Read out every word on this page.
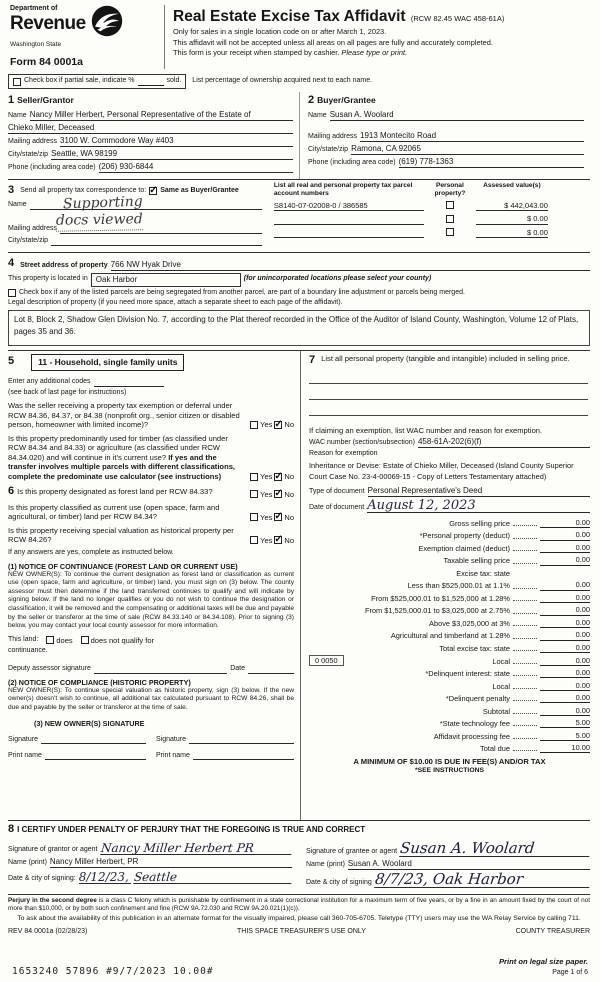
Department of
Revenue
Washington State
Form 84 0001a
Real Estate Excise Tax Affidavit (RCW 82.45 WAC 458-61A)
Only for sales in a single location code on or after March 1, 2023.
This affidavit will not be accepted unless all areas on all pages are fully and accurately completed.
This form is your receipt when stamped by cashier. Please type or print.
Check box if partial sale, indicate %	sold. List percentage of ownership acquired next to each name.
1 Seller/Grantor
Name Nancy Miller Herbert, Personal Representative of the Estate of
Chieko Miller, Deceased
Mailing address 3100 W. Commodore Way #403
City/state/zip Seattle, WA 98199
Phone (including area code) (206) 930-6844
2 Buyer/Grantee
Name Susan A. Woolard
Mailing address 1913 Montecito Road
City/state/zip Ramona, CA 92065
Phone (including area code) (619) 778-1363
3 Send all property tax correspondence to: ✓ Same as Buyer/Grantee
Name
Mailing address
City/state/zip
Supporting
docs viewed
List all real and personal property tax parcel account numbers
Personal property?
Assessed value(s)
S8140-07-02008-0 / 386585	$ 442,043.00
$ 0.00
$ 0.00
4 Street address of property 766 NW Hyak Drive
This property is located in	Oak Harbor	(for unincorporated locations please select your county)
Check box if any of the listed parcels are being segregated from another parcel, are part of a boundary line adjustment or parcels being merged.
Legal description of property (if you need more space, attach a separate sheet to each page of the affidavit).
Lot 8, Block 2, Shadow Glen Division No. 7, according to the Plat thereof recorded in the Office of the Auditor of Island County, Washington, Volume 12 of Plats, pages 35 and 36.
5	11 - Household, single family units
Enter any additional codes
(see back of last page for instructions)
Was the seller receiving a property tax exemption or deferral under RCW 84.36, 84.37, or 84.38 (nonprofit org., senior citizen or disabled person, homeowner with limited income)?	Yes ✓ No
Is this property predominantly used for timber (as classified under RCW 84.34 and 84.33) or agriculture (as classified under RCW 84.34.020) and will continue in it's current use? If yes and the transfer involves multiple parcels with different classifications, complete the predominate use calculator (see instructions)	Yes ✓ No
6 Is this property designated as forest land per RCW 84.33?	Yes ✓ No
Is this property classified as current use (open space, farm and agricultural, or timber) land per RCW 84.34?	Yes ✓ No
Is this property receiving special valuation as historical property per RCW 84.26?	Yes ✓ No
If any answers are yes, complete as instructed below.
(1) NOTICE OF CONTINUANCE (FOREST LAND OR CURRENT USE)
NEW OWNER(S): To continue the current designation as forest land or classification as current use (open space, farm and agriculture, or timber) land, you must sign on (3) below. The county assessor must then determine if the land transferred continues to qualify and will indicate by signing below. If the land no longer qualifies or you do not wish to continue the designation or classification, it will be removed and the compensating or additional taxes will be due and payable by the seller or transferor at the time of sale (RCW 84.33.140 or 84.34.108). Prior to signing (3) below, you may contact your local county assessor for more information.
This land: does does not qualify for
continuance.
Deputy assessor signature	Date
(2) NOTICE OF COMPLIANCE (HISTORIC PROPERTY)
NEW OWNER(S): To continue special valuation as historic property, sign (3) below. If the new owner(s) doesn't wish to continue, all additional tax calculated pursuant to RCW 84.26, shall be due and payable by the seller or transferor at the time of sale.
(3) NEW OWNER(S) SIGNATURE
Signature	Signature
Print name	Print name
7 List all personal property (tangible and intangible) included in selling price.
If claiming an exemption, list WAC number and reason for exemption.
WAC number (section/subsection) 458-61A-202(6)(f)
Reason for exemption
Inheritance or Devise: Estate of Chieko Miller, Deceased (Island County Superior Court Case No. 23-4-00069-15 - Copy of Letters Testamentary attached)
Type of document Personal Representative's Deed
Date of document August 12, 2023
Gross selling price	0.00
*Personal property (deduct)	0.00
Exemption claimed (deduct)	0.00
Taxable selling price	0.00
Excise tax: state
Less than $525,000.01 at 1.1%	0.00
From $525,000.01 to $1,525,000 at 1.28%	0.00
From $1,525,000.01 to $3,025,000 at 2.75%	0.00
Above $3,025,000 at 3%	0.00
Agricultural and timberland at 1.28%	0.00
Total excise tax: state	0.00
0 0050	Local	0.00
*Delinquent interest: state	0.00
Local	0.00
*Delinquent penalty	0.00
Subtotal	0.00
*State technology fee	5.00
Affidavit processing fee	5.00
Total due	10.00
A MINIMUM OF $10.00 IS DUE IN FEE(S) AND/OR TAX
*SEE INSTRUCTIONS
8 I CERTIFY UNDER PENALTY OF PERJURY THAT THE FOREGOING IS TRUE AND CORRECT
Signature of grantor or agent Nancy Miller Herbert PR
Name (print) Nancy Miller Herbert, PR
Date & city of signing: 8/12/23, Seattle
Signature of grantee or agent Susan A. Woolard
Name (print) Susan A. Woolard
Date & city of signing 8/7/23, Oak Harbor

Perjury in the second degree is a class C felony which is punishable by confinement in a state correctional institution for a maximum term of five years, or by a fine in an amount fixed by the court of not more than $10,000, or by both such confinement and fine (RCW 9A.72.030 and RCW 9A.20.021(1)(c)).

To ask about the availability of this publication in an alternate format for the visually impaired, please call 360-705-6705. Teletype (TTY) users may use the WA Relay Service by calling 711.
REV 84 0001a (02/28/23)	THIS SPACE TREASURER'S USE ONLY	COUNTY TREASURER
1653240 57896 #9/7/2023 10.00#
Print on legal size paper.
Page 1 of 6
